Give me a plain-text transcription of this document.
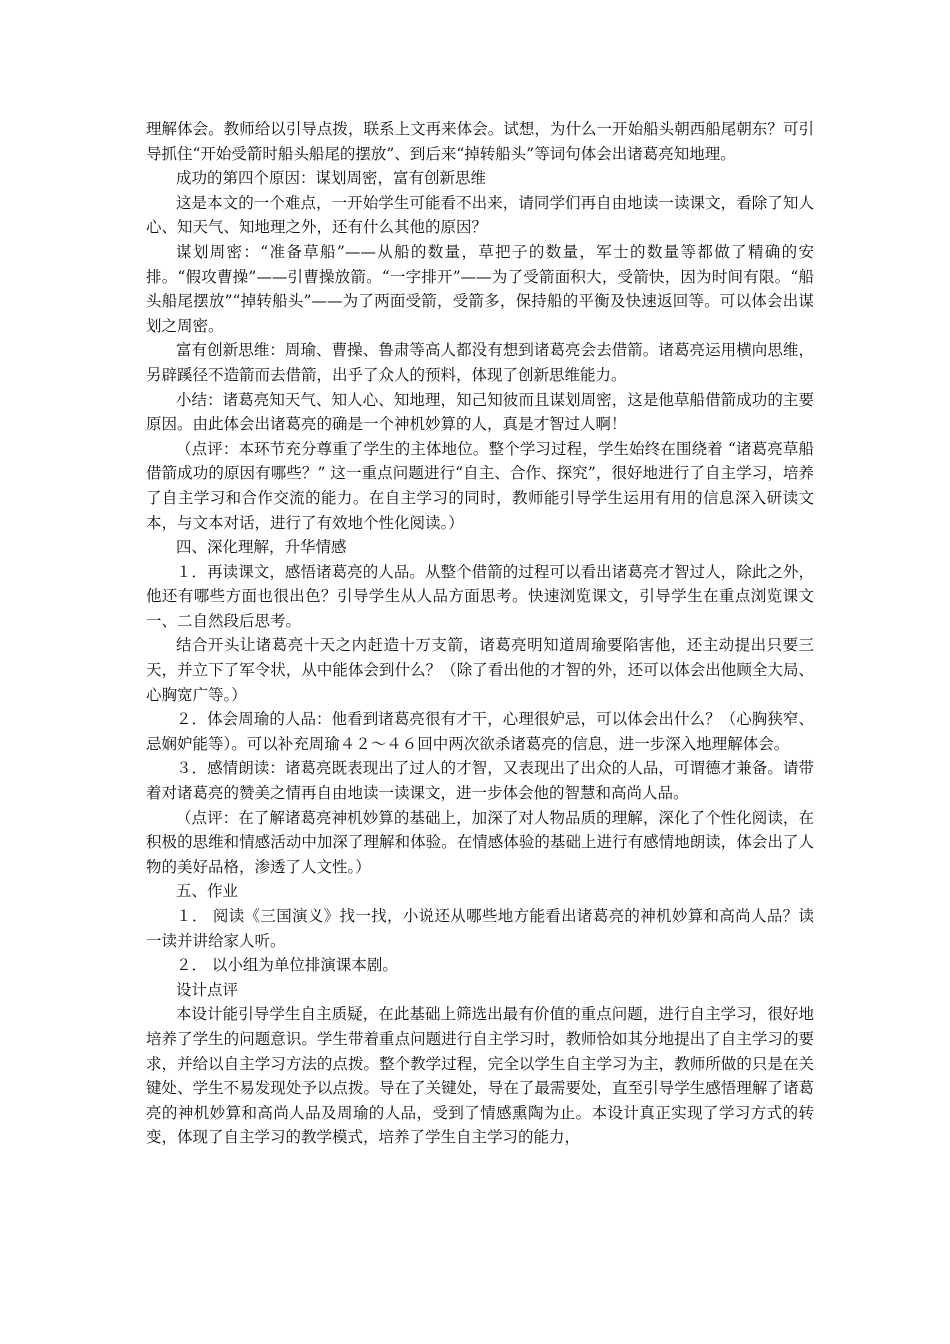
理解体会。教师给以引导点拨，联系上文再来体会。试想，为什么一开始船头朝西船尾朝东？可引导抓住“开始受箭时船头船尾的摆放”、到后来“掉转船头”等词句体会出诸葛亮知地理。

成功的第四个原因：谋划周密，富有创新思维

这是本文的一个难点，一开始学生可能看不出来，请同学们再自由地读一读课文，看除了知人心、知天气、知地理之外，还有什么其他的原因？

谋划周密：“准备草船”——从船的数量，草把子的数量，军士的数量等都做了精确的安排。“假攻曹操”——引曹操放箭。“一字排开”——为了受箭面积大，受箭快，因为时间有限。“船头船尾摆放”“掉转船头”——为了两面受箭，受箭多，保持船的平衡及快速返回等。可以体会出谋划之周密。

富有创新思维：周瑜、曹操、鲁肃等高人都没有想到诸葛亮会去借箭。诸葛亮运用横向思维，另辟蹊径不造箭而去借箭，出乎了众人的预料，体现了创新思维能力。

小结：诸葛亮知天气、知人心、知地理，知己知彼而且谋划周密，这是他草船借箭成功的主要原因。由此体会出诸葛亮的确是一个神机妙算的人，真是才智过人啊！

（点评：本环节充分尊重了学生的主体地位。整个学习过程，学生始终在围绕着 “诸葛亮草船借箭成功的原因有哪些？” 这一重点问题进行“自主、合作、探究”，很好地进行了自主学习，培养了自主学习和合作交流的能力。在自主学习的同时，教师能引导学生运用有用的信息深入研读文本，与文本对话，进行了有效地个性化阅读。）

四、深化理解，升华情感

１．再读课文，感悟诸葛亮的人品。从整个借箭的过程可以看出诸葛亮才智过人，除此之外，他还有哪些方面也很出色？引导学生从人品方面思考。快速浏览课文，引导学生在重点浏览课文一、二自然段后思考。

结合开头让诸葛亮十天之内赶造十万支箭，诸葛亮明知道周瑜要陷害他，还主动提出只要三天，并立下了军令状，从中能体会到什么？（除了看出他的才智的外，还可以体会出他顾全大局、心胸宽广等。）

２．体会周瑜的人品：他看到诸葛亮很有才干，心理很妒忌，可以体会出什么？（心胸狭窄、忌娴妒能等）。可以补充周瑜４２～４６回中两次欲杀诸葛亮的信息，进一步深入地理解体会。

３．感情朗读：诸葛亮既表现出了过人的才智，又表现出了出众的人品，可谓德才兼备。请带着对诸葛亮的赞美之情再自由地读一读课文，进一步体会他的智慧和高尚人品。

（点评：在了解诸葛亮神机妙算的基础上，加深了对人物品质的理解，深化了个性化阅读，在积极的思维和情感活动中加深了理解和体验。在情感体验的基础上进行有感情地朗读，体会出了人物的美好品格，渗透了人文性。）

五、作业

１． 阅读《三国演义》找一找，小说还从哪些地方能看出诸葛亮的神机妙算和高尚人品？读一读并讲给家人听。

２． 以小组为单位排演课本剧。

设计点评

本设计能引导学生自主质疑，在此基础上筛选出最有价值的重点问题，进行自主学习，很好地培养了学生的问题意识。学生带着重点问题进行自主学习时，教师恰如其分地提出了自主学习的要求，并给以自主学习方法的点拨。整个教学过程，完全以学生自主学习为主，教师所做的只是在关键处、学生不易发现处予以点拨。导在了关键处，导在了最需要处，直至引导学生感悟理解了诸葛亮的神机妙算和高尚人品及周瑜的人品，受到了情感熏陶为止。本设计真正实现了学习方式的转变，体现了自主学习的教学模式，培养了学生自主学习的能力，
